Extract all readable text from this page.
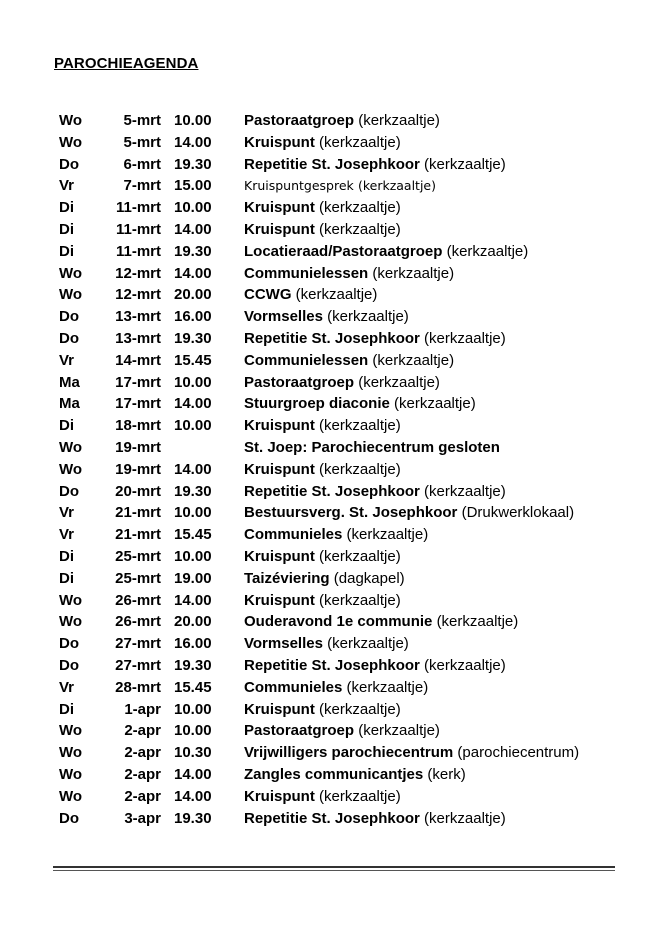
PAROCHIEAGENDA
Wo	5-mrt 10.00 Pastoraatgroep (kerkzaaltje)
Wo	5-mrt 14.00 Kruispunt (kerkzaaltje)
Do	6-mrt 19.30 Repetitie St. Josephkoor (kerkzaaltje)
Vr	7-mrt 15.00	Kruispuntgesprek (kerkzaaltje)
Di	11-mrt 10.00 Kruispunt (kerkzaaltje)
Di	11-mrt 14.00 Kruispunt (kerkzaaltje)
Di	11-mrt 19.30 Locatieraad/Pastoraatgroep (kerkzaaltje)
Wo 12-mrt 14.00 Communielessen (kerkzaaltje)
Wo 12-mrt 20.00 CCWG (kerkzaaltje)
Do 13-mrt 16.00 Vormselles (kerkzaaltje)
Do 13-mrt 19.30 Repetitie St. Josephkoor (kerkzaaltje)
Vr	14-mrt 15.45 Communielessen (kerkzaaltje)
Ma 17-mrt 10.00 Pastoraatgroep (kerkzaaltje)
Ma 17-mrt 14.00 Stuurgroep diaconie (kerkzaaltje)
Di	18-mrt 10.00 Kruispunt (kerkzaaltje)
Wo 19-mrt	St. Joep: Parochiecentrum gesloten
Wo 19-mrt 14.00 Kruispunt (kerkzaaltje)
Do 20-mrt 19.30 Repetitie St. Josephkoor (kerkzaaltje)
Vr	21-mrt 10.00 Bestuursverg. St. Josephkoor (Drukwerklokaal)
Vr	21-mrt 15.45 Communieles (kerkzaaltje)
Di	25-mrt 10.00 Kruispunt (kerkzaaltje)
Di	25-mrt 19.00 Taizéviering (dagkapel)
Wo 26-mrt 14.00 Kruispunt (kerkzaaltje)
Wo 26-mrt 20.00 Ouderavond 1e communie (kerkzaaltje)
Do 27-mrt 16.00 Vormselles (kerkzaaltje)
Do 27-mrt 19.30 Repetitie St. Josephkoor (kerkzaaltje)
Vr	28-mrt 15.45 Communieles (kerkzaaltje)
Di	1-apr 10.00 Kruispunt (kerkzaaltje)
Wo	2-apr 10.00 Pastoraatgroep (kerkzaaltje)
Wo	2-apr 10.30 Vrijwilligers parochiecentrum (parochiecentrum)
Wo	2-apr 14.00 Zangles communicantjes (kerk)
Wo	2-apr 14.00 Kruispunt (kerkzaaltje)
Do	3-apr 19.30 Repetitie St. Josephkoor (kerkzaaltje)
